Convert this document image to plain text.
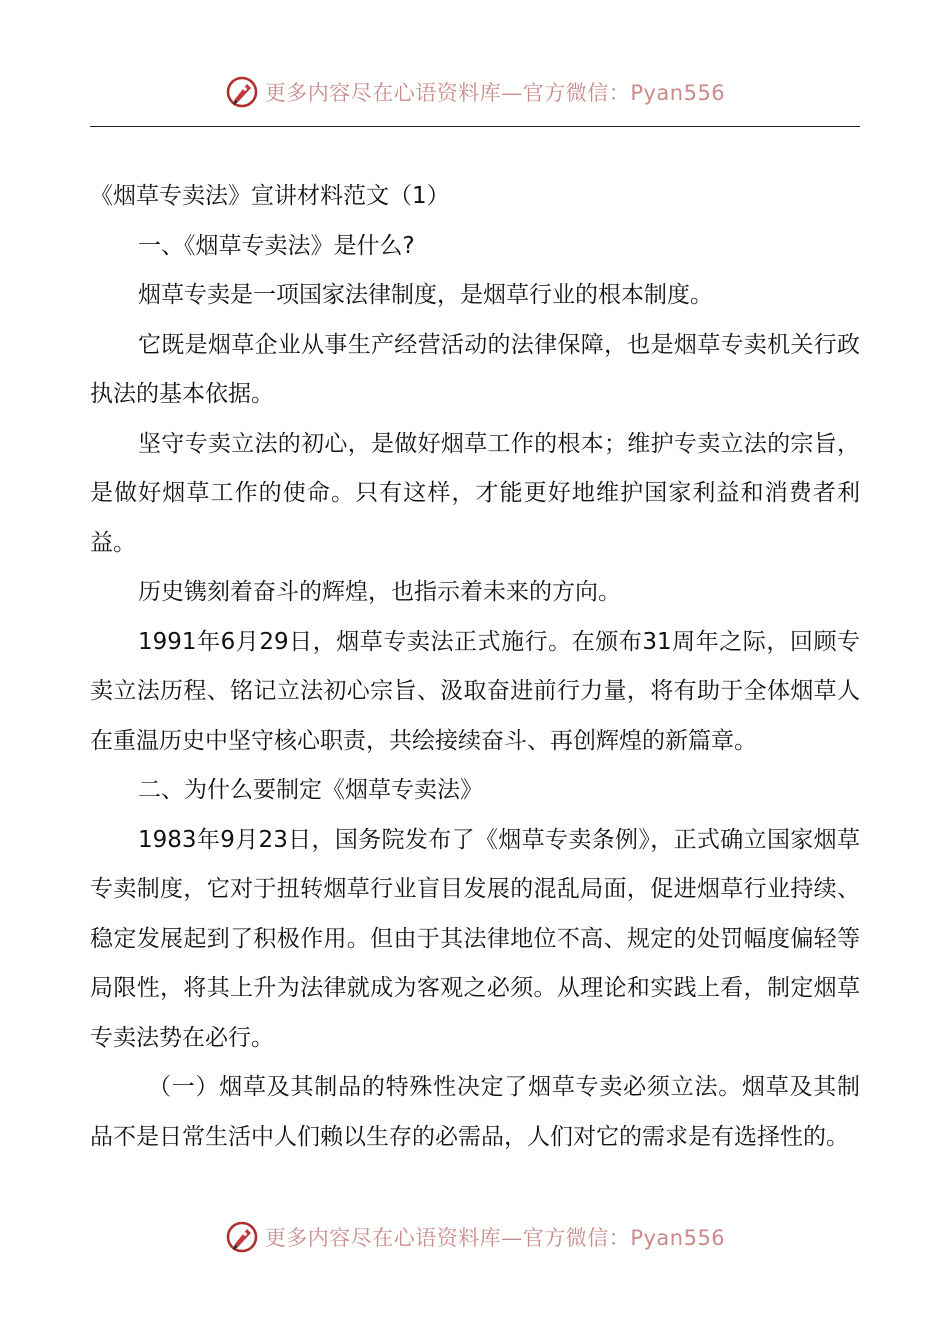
更多内容尽在心语资料库—官方微信：Pyan556

《烟草专卖法》宣讲材料范文（1）

一、《烟草专卖法》是什么?

烟草专卖是一项国家法律制度，是烟草行业的根本制度。

它既是烟草企业从事生产经营活动的法律保障，也是烟草专卖机关行政执法的基本依据。

坚守专卖立法的初心，是做好烟草工作的根本；维护专卖立法的宗旨，是做好烟草工作的使命。只有这样，才能更好地维护国家利益和消费者利益。

历史镌刻着奋斗的辉煌，也指示着未来的方向。

1991年6月29日，烟草专卖法正式施行。在颁布31周年之际，回顾专卖立法历程、铭记立法初心宗旨、汲取奋进前行力量，将有助于全体烟草人在重温历史中坚守核心职责，共绘接续奋斗、再创辉煌的新篇章。

二、为什么要制定《烟草专卖法》

1983年9月23日，国务院发布了《烟草专卖条例》，正式确立国家烟草专卖制度，它对于扭转烟草行业盲目发展的混乱局面，促进烟草行业持续、稳定发展起到了积极作用。但由于其法律地位不高、规定的处罚幅度偏轻等局限性，将其上升为法律就成为客观之必须。从理论和实践上看，制定烟草专卖法势在必行。

（一）烟草及其制品的特殊性决定了烟草专卖必须立法。烟草及其制品不是日常生活中人们赖以生存的必需品，人们对它的需求是有选择性的。

更多内容尽在心语资料库—官方微信：Pyan556
